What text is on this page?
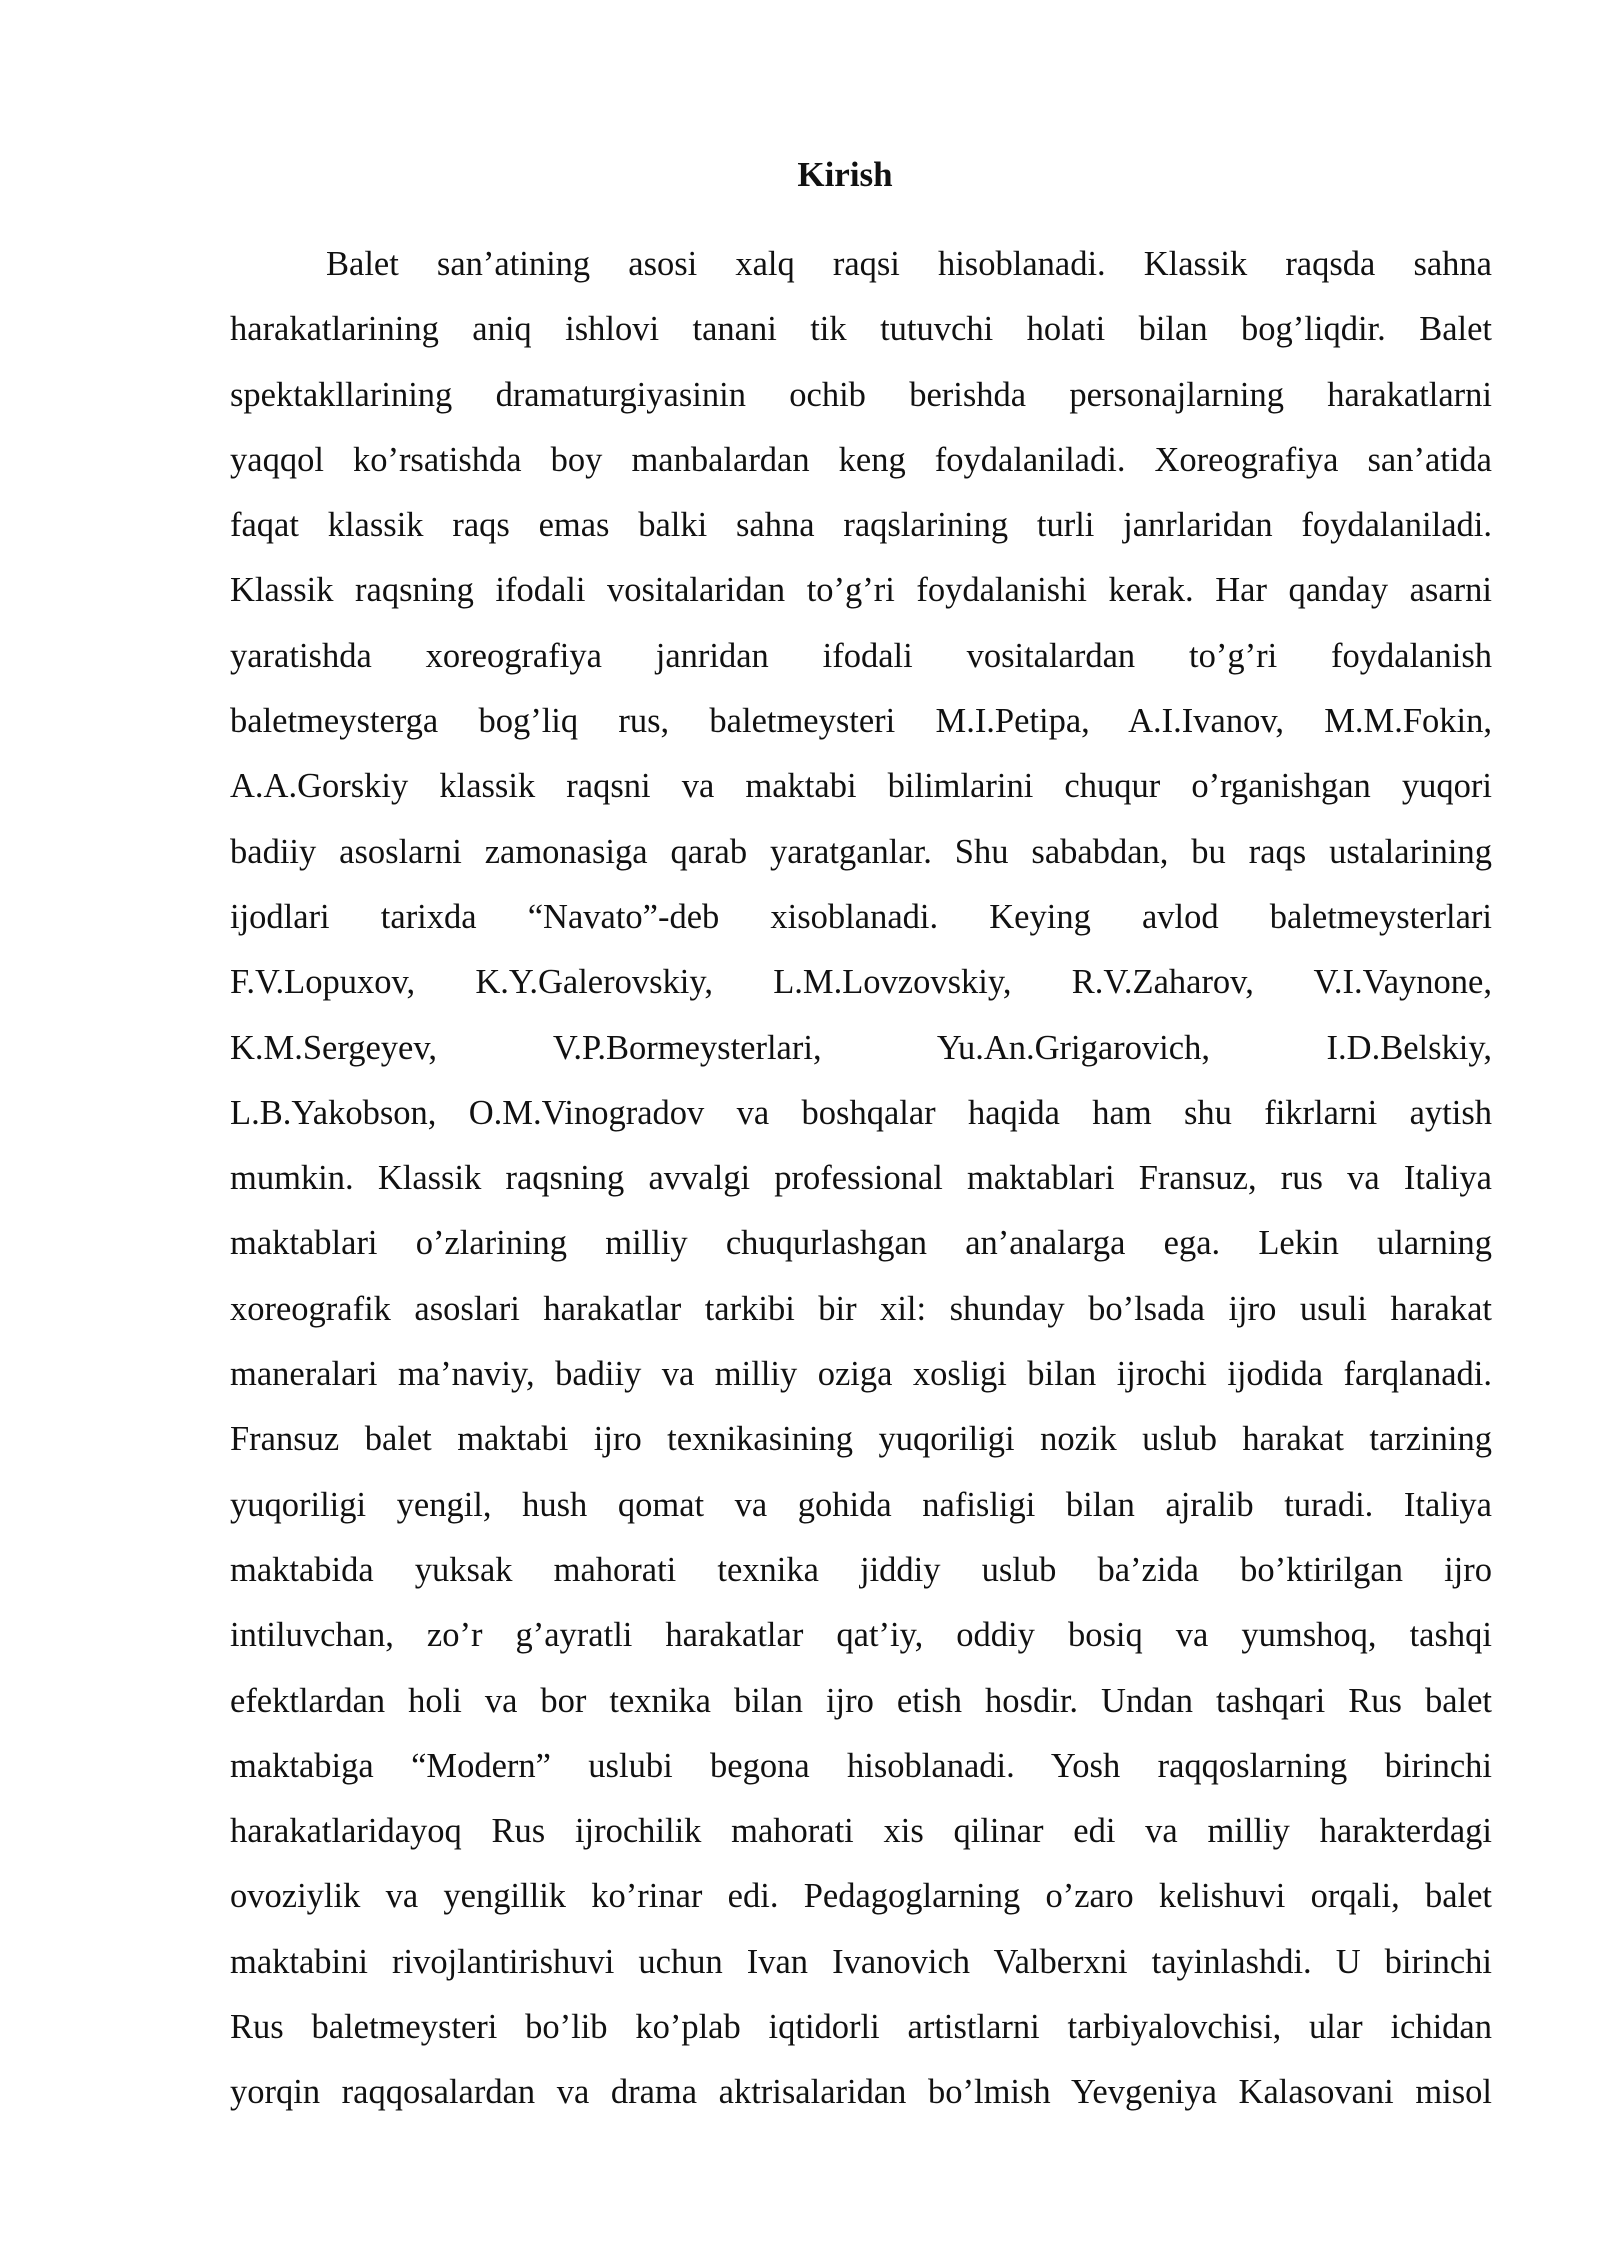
Kirish
Balet san’atining asosi xalq raqsi hisoblanadi. Klassik raqsda sahna
harakatlarining aniq ishlovi tanani tik tutuvchi holati bilan bog’liqdir. Balet
spektakllarining dramaturgiyasinin ochib berishda personajlarning harakatlarni
yaqqol ko’rsatishda boy manbalardan keng foydalaniladi. Xoreografiya san’atida
faqat klassik raqs emas balki sahna raqslarining turli janrlaridan foydalaniladi.
Klassik raqsning ifodali vositalaridan to’g’ri foydalanishi kerak. Har qanday asarni
yaratishda xoreografiya janridan ifodali vositalardan to’g’ri foydalanish
baletmeysterga bog’liq rus, baletmeysteri M.I.Petipa, A.I.Ivanov, M.M.Fokin,
A.A.Gorskiy klassik raqsni va maktabi bilimlarini chuqur o’rganishgan yuqori
badiiy asoslarni zamonasiga qarab yaratganlar. Shu sababdan, bu raqs ustalarining
ijodlari tarixda “Navato”-deb xisoblanadi. Keying avlod baletmeysterlari
F.V.Lopuxov, K.Y.Galerovskiy, L.M.Lovzovskiy, R.V.Zaharov, V.I.Vaynone,
K.M.Sergeyev, V.P.Bormeysterlari, Yu.An.Grigarovich, I.D.Belskiy,
L.B.Yakobson, O.M.Vinogradov va boshqalar haqida ham shu fikrlarni aytish
mumkin. Klassik raqsning avvalgi professional maktablari Fransuz, rus va Italiya
maktablari o’zlarining milliy chuqurlashgan an’analarga ega. Lekin ularning
xoreografik asoslari harakatlar tarkibi bir xil: shunday bo’lsada ijro usuli harakat
maneralari ma’naviy, badiiy va milliy oziga xosligi bilan ijrochi ijodida farqlanadi.
Fransuz balet maktabi ijro texnikasining yuqoriligi nozik uslub harakat tarzining
yuqoriligi yengil, hush qomat va gohida nafisligi bilan ajralib turadi. Italiya
maktabida yuksak mahorati texnika jiddiy uslub ba’zida bo’ktirilgan ijro
intiluvchan, zo’r g’ayratli harakatlar qat’iy, oddiy bosiq va yumshoq, tashqi
efektlardan holi va bor texnika bilan ijro etish hosdir. Undan tashqari Rus balet
maktabiga “Modern” uslubi begona hisoblanadi. Yosh raqqoslarning birinchi
harakatlaridayoq Rus ijrochilik mahorati xis qilinar edi va milliy harakterdagi
ovoziylik va yengillik ko’rinar edi. Pedagoglarning o’zaro kelishuvi orqali, balet
maktabini rivojlantirishuvi uchun Ivan Ivanovich Valberxni tayinlashdi. U birinchi
Rus baletmeysteri bo’lib ko’plab iqtidorli artistlarni tarbiyalovchisi, ular ichidan
yorqin raqqosalardan va drama aktrisalaridan bo’lmish Yevgeniya Kalasovani misol
